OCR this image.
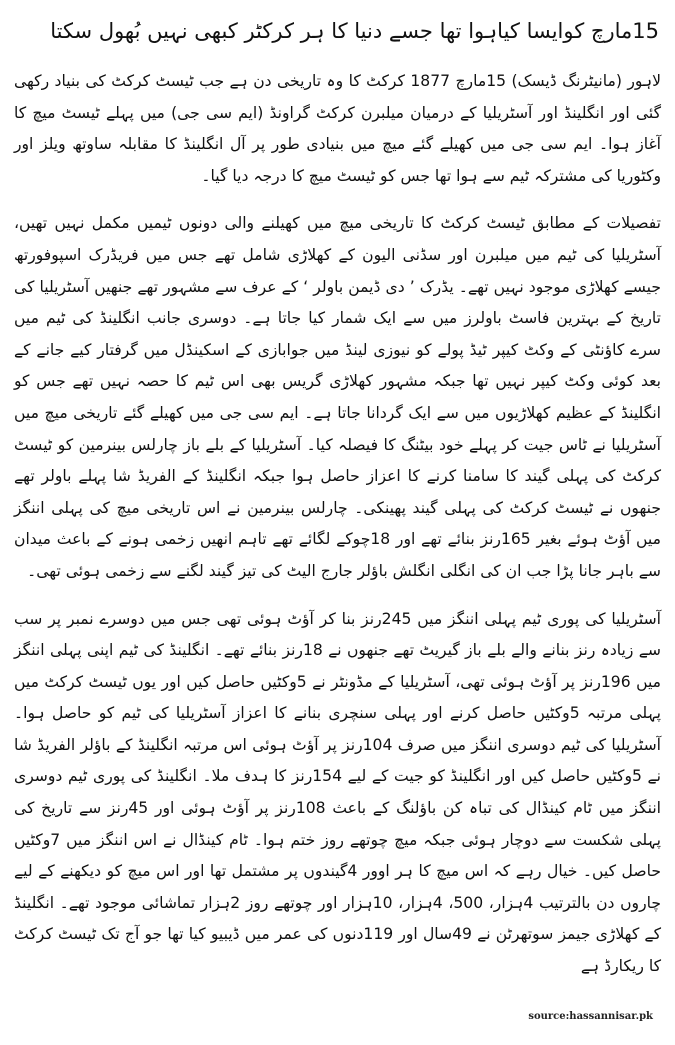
15مارچ کوایسا کیاہوا تھا جسے دنیا کا ہر کرکٹر کبھی نہیں بُھول سکتا

لاہور (مانیٹرنگ ڈیسک) 15مارچ 1877 کرکٹ کا وہ تاریخی دن ہے جب ٹیسٹ کرکٹ کی بنیاد رکھی گئی اور انگلینڈ اور آسٹریلیا کے درمیان میلبرن کرکٹ گراونڈ (ایم سی جی) میں پہلے ٹیسٹ میچ کا آغاز ہوا۔ ایم سی جی میں کھیلے گئے میچ میں بنیادی طور پر آل انگلینڈ کا مقابلہ ساوتھ ویلز اور وکٹوریا کی مشترکہ ٹیم سے ہوا تھا جس کو ٹیسٹ میچ کا درجہ دیا گیا۔

تفصیلات کے مطابق ٹیسٹ کرکٹ کا تاریخی میچ میں کھیلنے والی دونوں ٹیمیں مکمل نہیں تھیں، آسٹریلیا کی ٹیم میں میلبرن اور سڈنی الیون کے کھلاڑی شامل تھے جس میں فریڈرک اسپوفورتھ جیسے کھلاڑی موجود نہیں تھے۔ یڈرک ’ دی ڈیمن باولر ‘ کے عرف سے مشہور تھے جنھیں آسٹریلیا کی تاریخ کے بہترین فاسٹ باولرز میں سے ایک شمار کیا جاتا ہے۔ دوسری جانب انگلینڈ کی ٹیم میں سرے کاؤنٹی کے وکٹ کیپر ٹیڈ پولے کو نیوزی لینڈ میں جوابازی کے اسکینڈل میں گرفتار کیے جانے کے بعد کوئی وکٹ کیپر نہیں تھا جبکہ مشہور کھلاڑی گریس بھی اس ٹیم کا حصہ نہیں تھے جس کو انگلینڈ کے عظیم کھلاڑیوں میں سے ایک گردانا جاتا ہے۔ ایم سی جی میں کھیلے گئے تاریخی میچ میں آسٹریلیا نے ٹاس جیت کر پہلے خود بیٹنگ کا فیصلہ کیا۔ آسٹریلیا کے بلے باز چارلس بینرمین کو ٹیسٹ کرکٹ کی پہلی گیند کا سامنا کرنے کا اعزاز حاصل ہوا جبکہ انگلینڈ کے الفریڈ شا پہلے باولر تھے جنھوں نے ٹیسٹ کرکٹ کی پہلی گیند پھینکی۔ چارلس بینرمین نے اس تاریخی میچ کی پہلی اننگز میں آؤٹ ہوئے بغیر 165رنز بنائے تھے اور 18چوکے لگائے تھے تاہم انھیں زخمی ہونے کے باعث میدان سے باہر جانا پڑا جب ان کی انگلی انگلش باؤلر جارج الیٹ کی تیز گیند لگنے سے زخمی ہوئی تھی۔

آسٹریلیا کی پوری ٹیم پہلی اننگز میں 245رنز بنا کر آؤٹ ہوئی تھی جس میں دوسرے نمبر پر سب سے زیادہ رنز بنانے والے بلے باز گیریٹ تھے جنھوں نے 18رنز بنائے تھے۔ انگلینڈ کی ٹیم اپنی پہلی اننگز میں 196رنز پر آؤٹ ہوئی تھی، آسٹریلیا کے مڈونٹر نے 5وکٹیں حاصل کیں اور یوں ٹیسٹ کرکٹ میں پہلی مرتبہ 5وکٹیں حاصل کرنے اور پہلی سنچری بنانے کا اعزاز آسٹریلیا کی ٹیم کو حاصل ہوا۔ آسٹریلیا کی ٹیم دوسری اننگز میں صرف 104رنز پر آؤٹ ہوئی اس مرتبہ انگلینڈ کے باؤلر الفریڈ شا نے 5وکٹیں حاصل کیں اور انگلینڈ کو جیت کے لیے 154رنز کا ہدف ملا۔ انگلینڈ کی پوری ٹیم دوسری اننگز میں ٹام کینڈال کی تباہ کن باؤلنگ کے باعث 108رنز پر آؤٹ ہوئی اور 45رنز سے تاریخ کی پہلی شکست سے دوچار ہوئی جبکہ میچ چوتھے روز ختم ہوا۔ ٹام کینڈال نے اس اننگز میں 7وکٹیں حاصل کیں۔ خیال رہے کہ اس میچ کا ہر اوور 4گیندوں پر مشتمل تھا اور اس میچ کو دیکھنے کے لیے چاروں دن بالترتیب 4ہزار، 500، 4ہزار، 10ہزار اور چوتھے روز 2ہزار تماشائی موجود تھے۔ انگلینڈ کے کھلاڑی جیمز سوتھرٹن نے 49سال اور 119دنوں کی عمر میں ڈیبیو کیا تھا جو آج تک ٹیسٹ کرکٹ کا ریکارڈ ہے

source:hassannisar.pk
